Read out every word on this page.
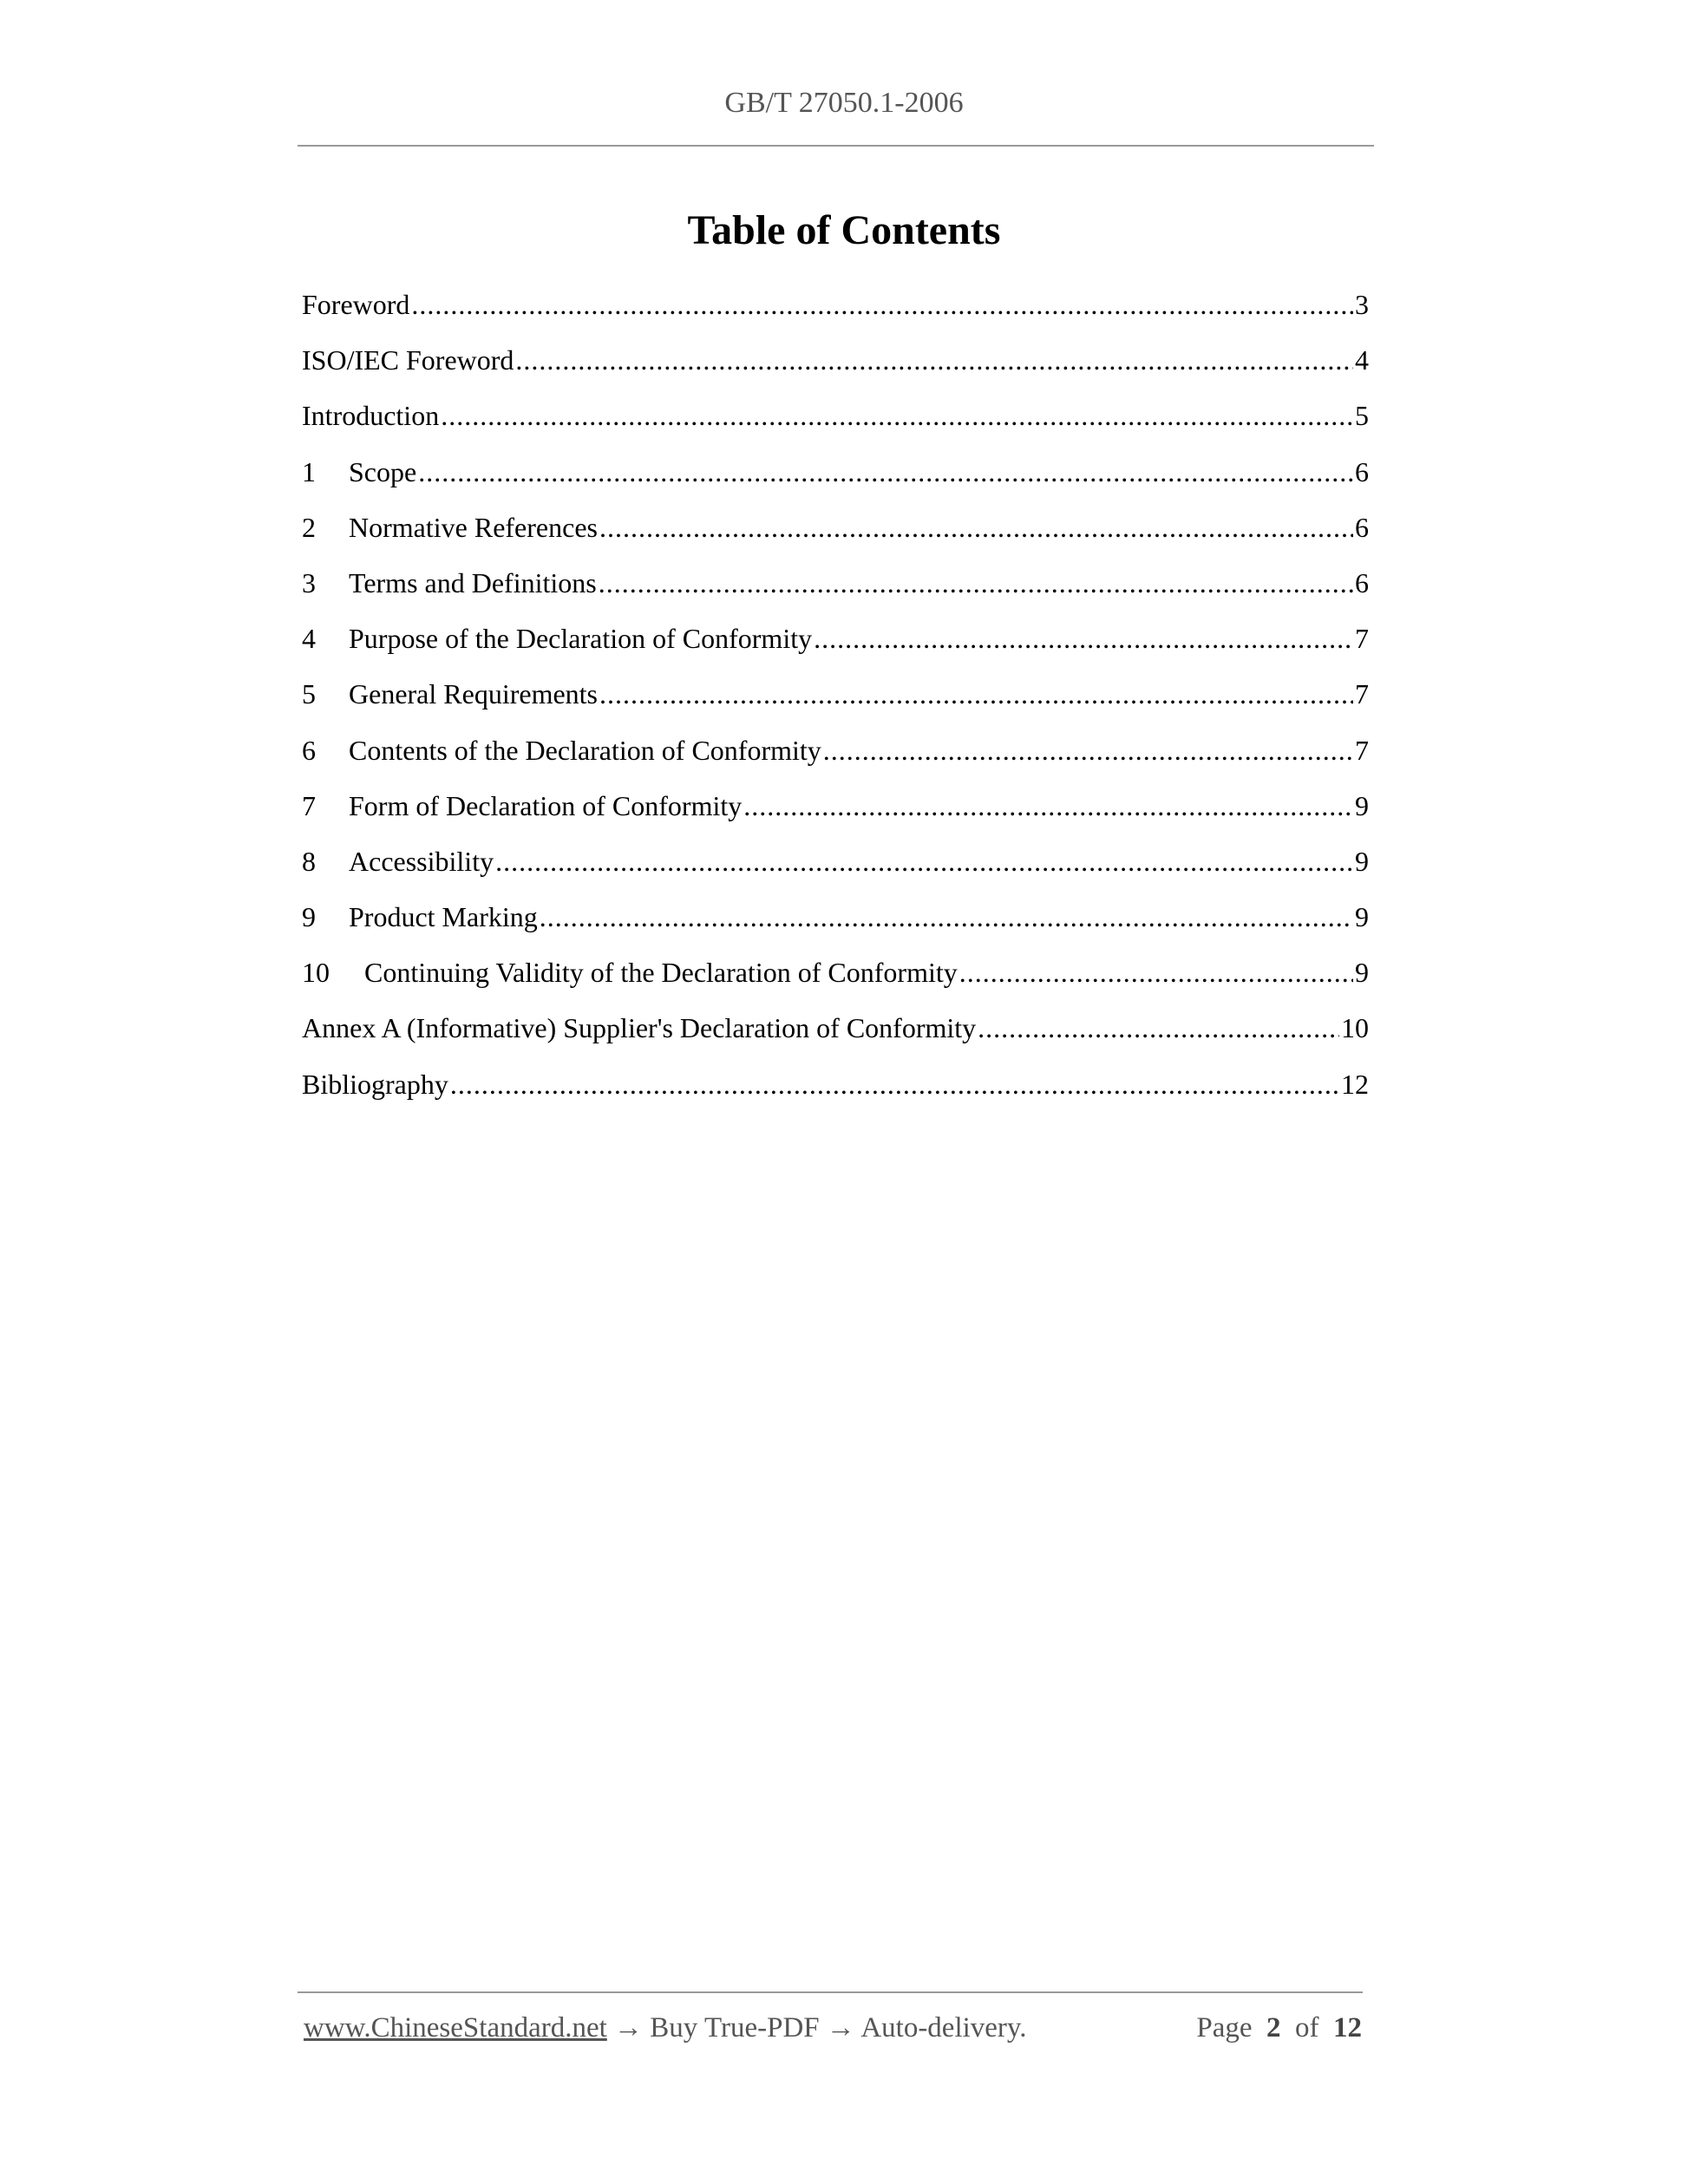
GB/T 27050.1-2006
Table of Contents
Foreword .....	3
ISO/IEC Foreword .....	4
Introduction .....	5
1	Scope .....	6
2	Normative References .....	6
3	Terms and Definitions .....	6
4	Purpose of the Declaration of Conformity .....	7
5	General Requirements .....	7
6	Contents of the Declaration of Conformity .....	7
7	Form of Declaration of Conformity .....	9
8	Accessibility .....	9
9	Product Marking .....	9
10	Continuing Validity of the Declaration of Conformity .....	9
Annex A (Informative) Supplier's Declaration of Conformity .....	10
Bibliography .....	12
www.ChineseStandard.net → Buy True-PDF → Auto-delivery.	Page 2 of 12
